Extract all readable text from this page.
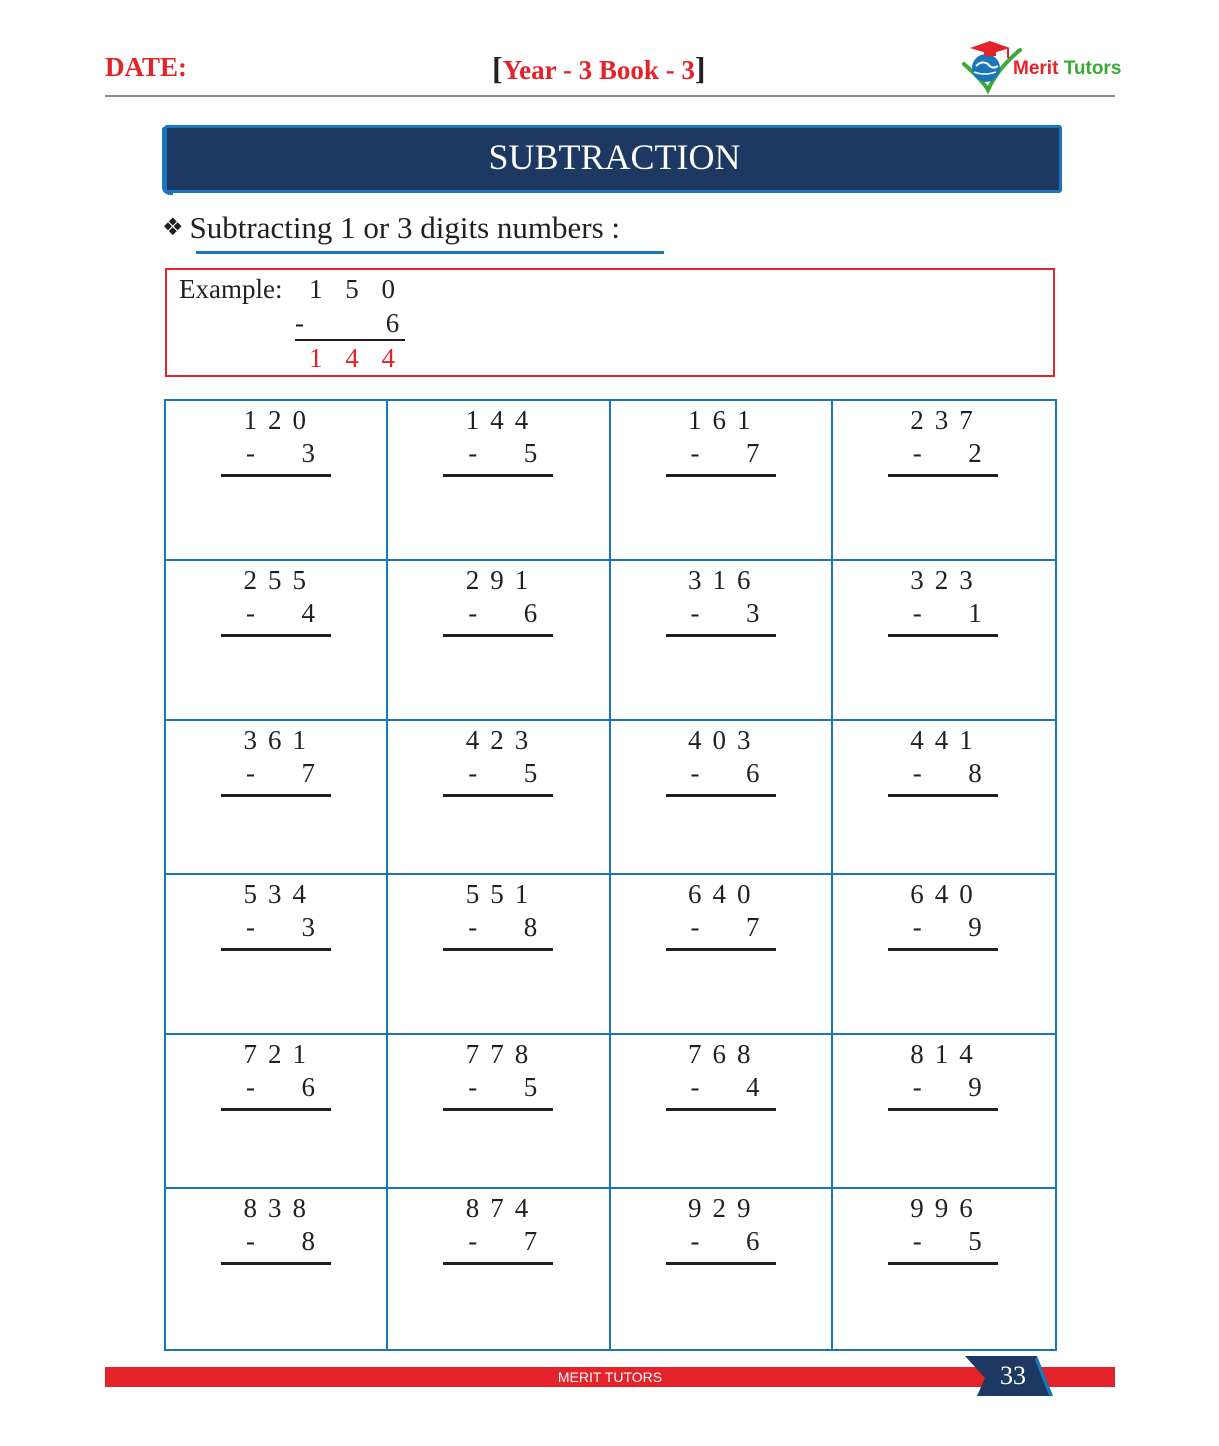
DATE:	[Year - 3 Book - 3]	Merit Tutors
SUBTRACTION
❖ Subtracting 1 or 3 digits numbers :
Example: 1 5 0
-	6
1 4 4
120
- 3
144
- 5
161
- 7
237
- 2
255
- 4
291
- 6
316
- 3
323
- 1
361
- 7
423
- 5
403
- 6
441
- 8
534
- 3
551
- 8
640
- 7
640
- 9
721
- 6
778
- 5
768
- 4
814
- 9
838
- 8
874
- 7
929
- 6
996
- 5
MERIT TUTORS	33
